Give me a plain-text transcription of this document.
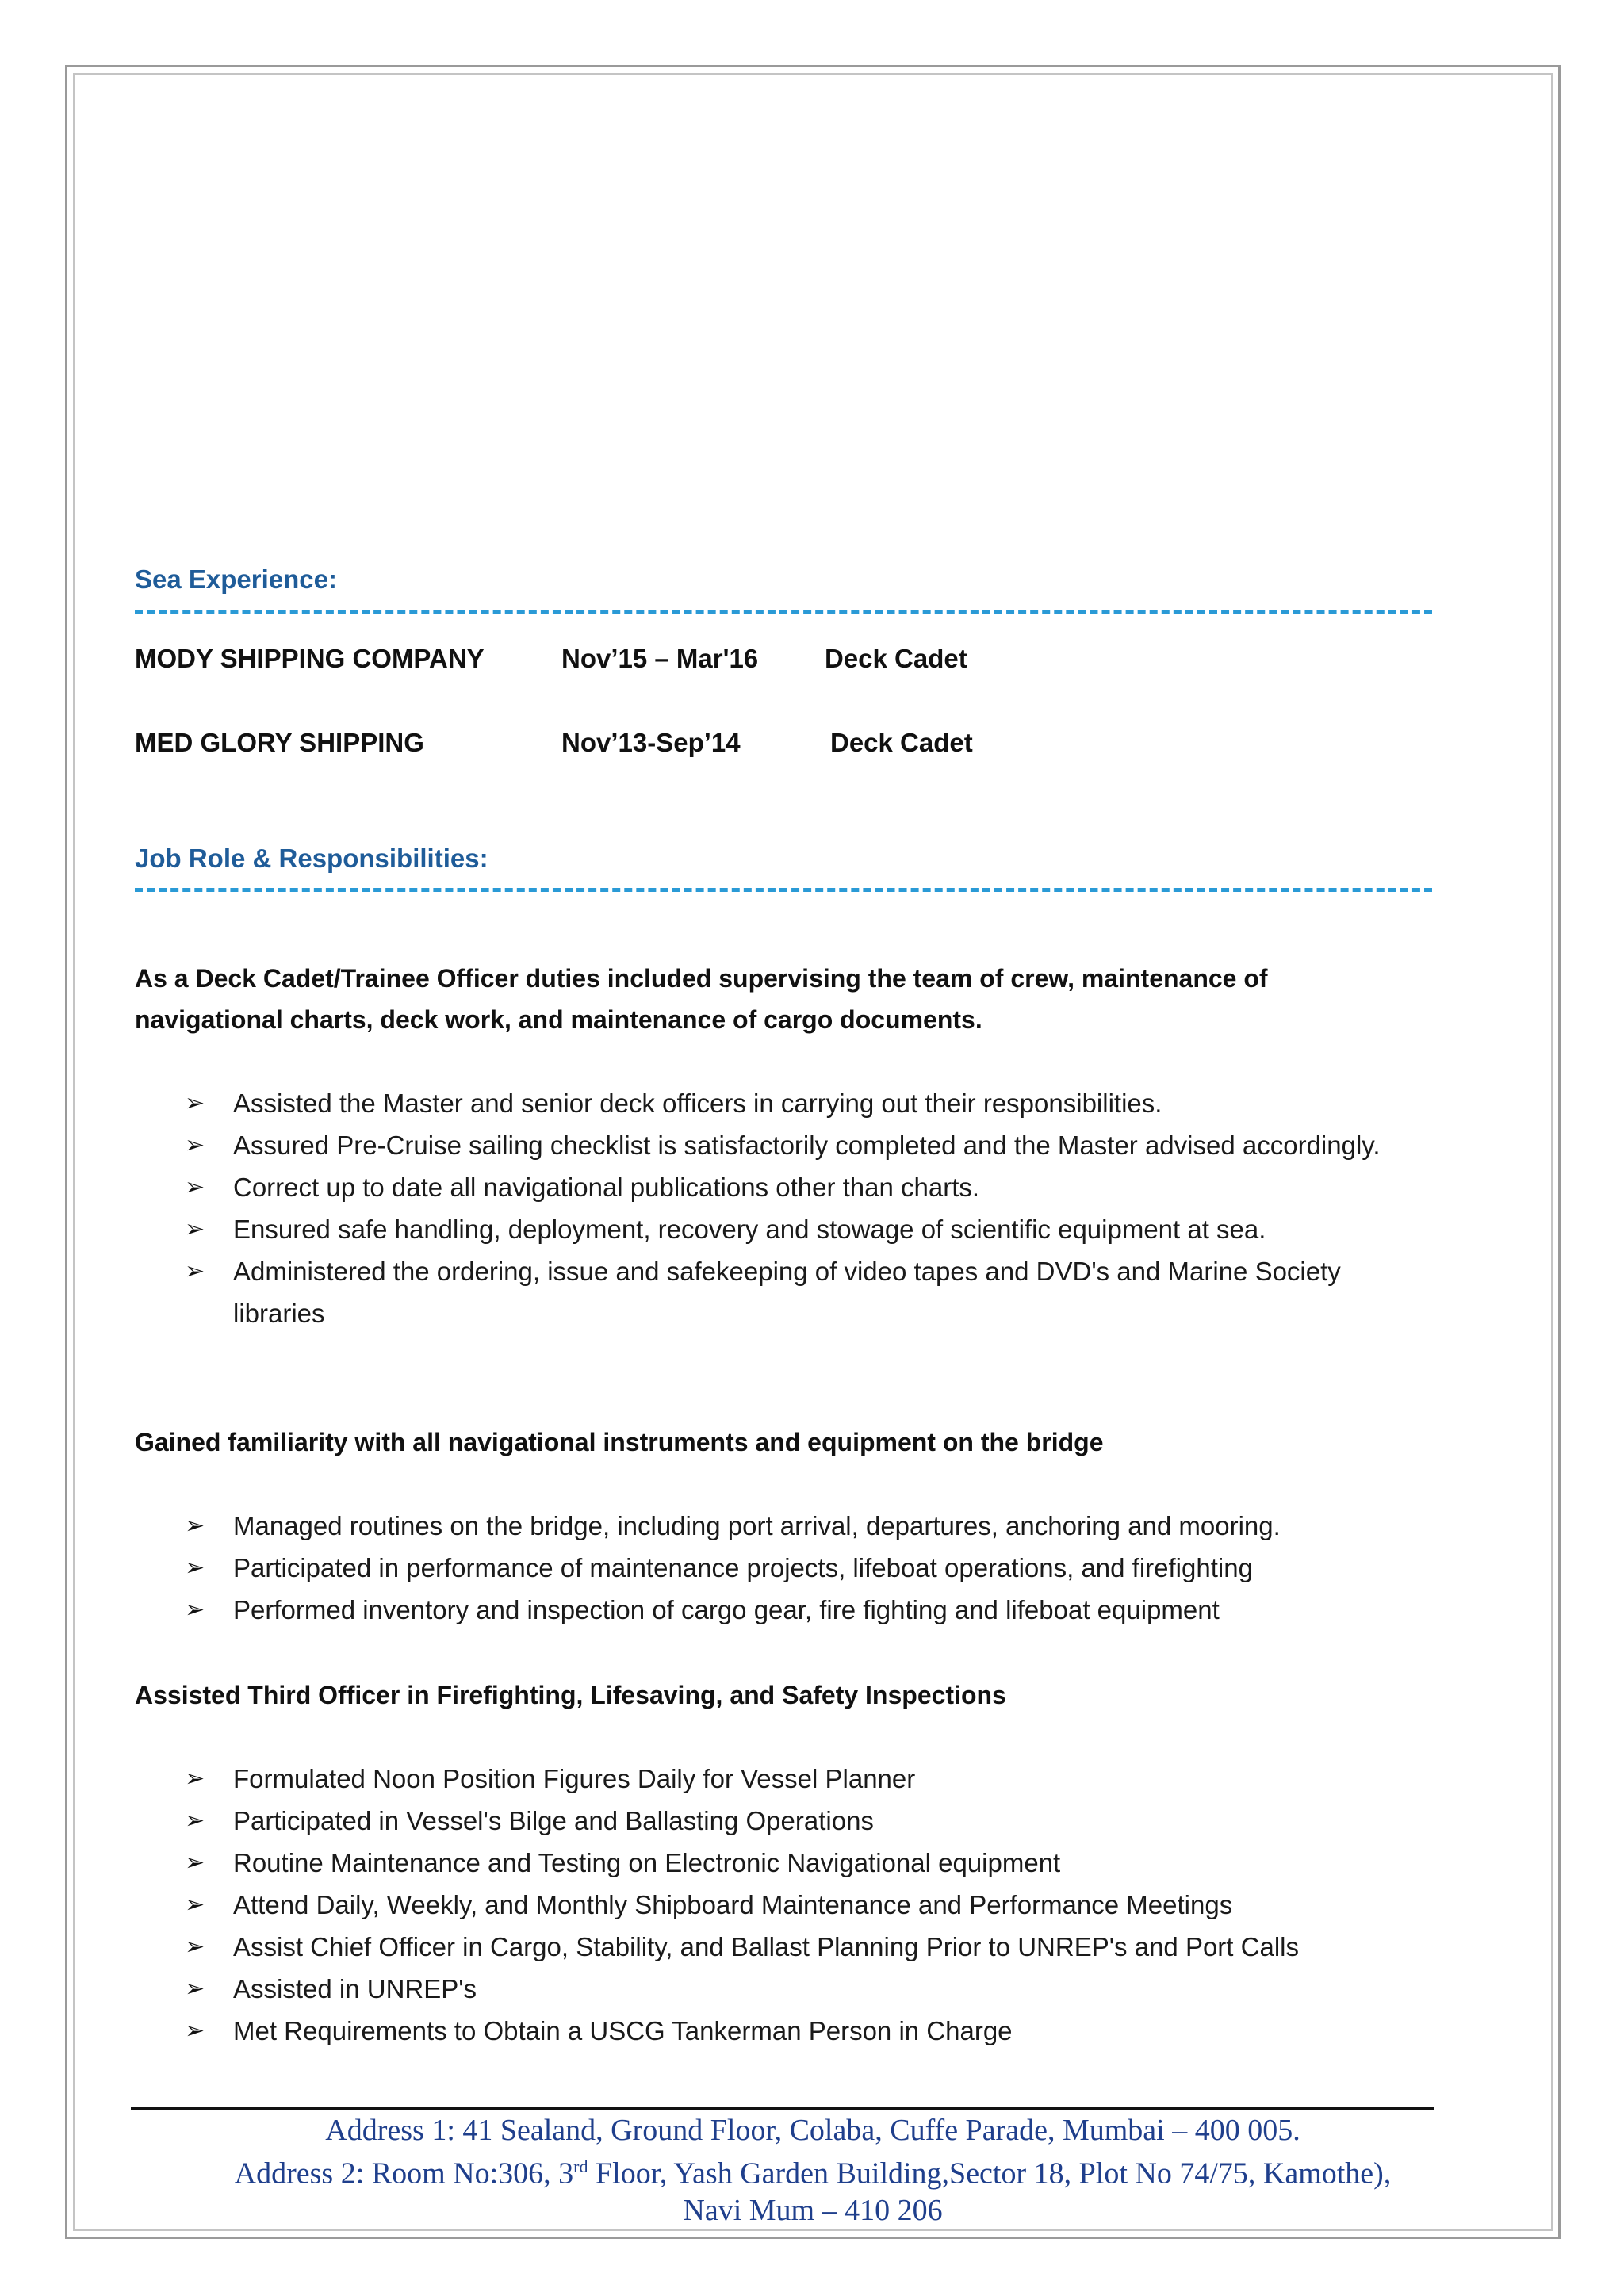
Sea Experience:
MODY SHIPPING COMPANY	Nov’15 – Mar'16	Deck Cadet
MED GLORY SHIPPING	Nov’13-Sep’14	Deck Cadet
Job Role & Responsibilities:
As a Deck Cadet/Trainee Officer duties included supervising the team of crew, maintenance of
navigational charts, deck work, and maintenance of cargo documents.
➢ Assisted the Master and senior deck officers in carrying out their responsibilities.
➢ Assured Pre-Cruise sailing checklist is satisfactorily completed and the Master advised accordingly.
➢ Correct up to date all navigational publications other than charts.
➢ Ensured safe handling, deployment, recovery and stowage of scientific equipment at sea.
➢ Administered the ordering, issue and safekeeping of video tapes and DVD's and Marine Society libraries
Gained familiarity with all navigational instruments and equipment on the bridge
➢ Managed routines on the bridge, including port arrival, departures, anchoring and mooring.
➢ Participated in performance of maintenance projects, lifeboat operations, and firefighting
➢ Performed inventory and inspection of cargo gear, fire fighting and lifeboat equipment
Assisted Third Officer in Firefighting, Lifesaving, and Safety Inspections
➢ Formulated Noon Position Figures Daily for Vessel Planner
➢ Participated in Vessel's Bilge and Ballasting Operations
➢ Routine Maintenance and Testing on Electronic Navigational equipment
➢ Attend Daily, Weekly, and Monthly Shipboard Maintenance and Performance Meetings
➢ Assist Chief Officer in Cargo, Stability, and Ballast Planning Prior to UNREP's and Port Calls
➢ Assisted in UNREP's
➢ Met Requirements to Obtain a USCG Tankerman Person in Charge
Address 1: 41 Sealand, Ground Floor, Colaba, Cuffe Parade, Mumbai – 400 005.
Address 2: Room No:306, 3rd Floor, Yash Garden Building,Sector 18, Plot No 74/75, Kamothe),
Navi Mum – 410 206
